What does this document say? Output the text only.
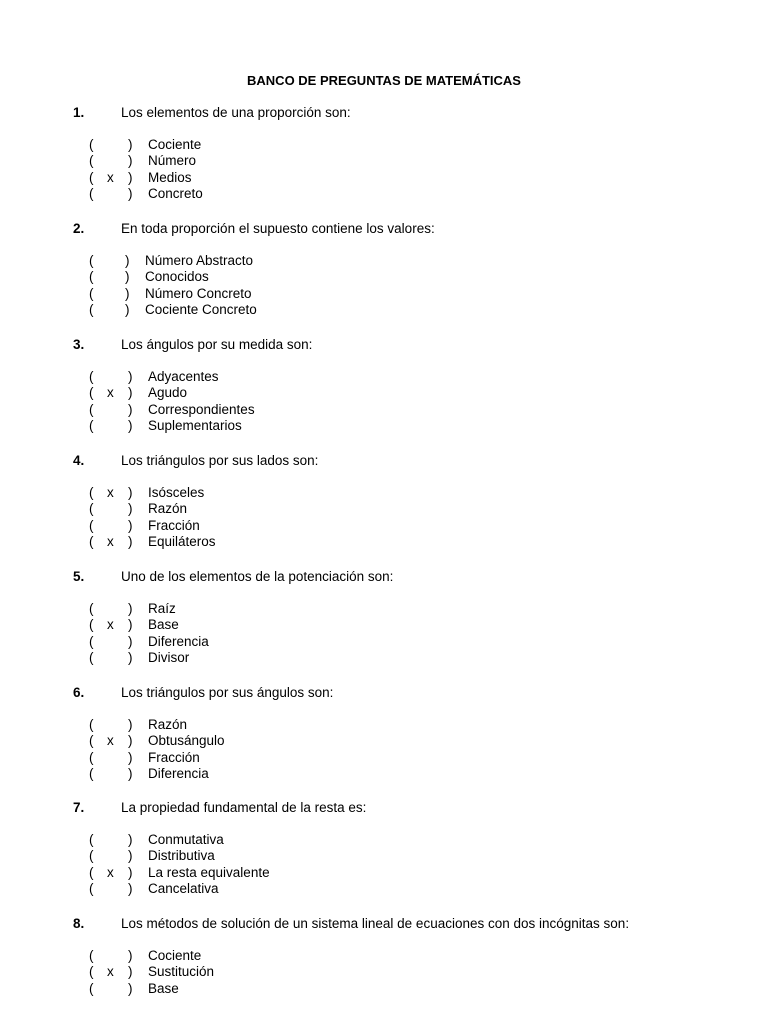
BANCO DE PREGUNTAS DE MATEMÁTICAS
1.	Los elementos de una proporción son:
(	) Cociente
(	) Número
( x ) Medios
(	) Concreto
2.	En toda proporción el supuesto contiene los valores:
( ) Número Abstracto
( ) Conocidos
( ) Número Concreto
( ) Cociente Concreto
3.	Los ángulos por su medida son:
(	) Adyacentes
( x ) Agudo
(	) Correspondientes
(	) Suplementarios
4.	Los triángulos por sus lados son:
( x ) Isósceles
(	) Razón
(	) Fracción
( x ) Equiláteros
5.	Uno de los elementos de la potenciación son:
(	) Raíz
( x ) Base
(	) Diferencia
(	) Divisor
6.	Los triángulos por sus ángulos son:
(	) Razón
( x ) Obtusángulo
(	) Fracción
(	) Diferencia
7.	La propiedad fundamental de la resta es:
(	) Conmutativa
(	) Distributiva
( x ) La resta equivalente
(	) Cancelativa
8.	Los métodos de solución de un sistema lineal de ecuaciones con dos incógnitas son:
(	) Cociente
( x ) Sustitución
(	) Base
